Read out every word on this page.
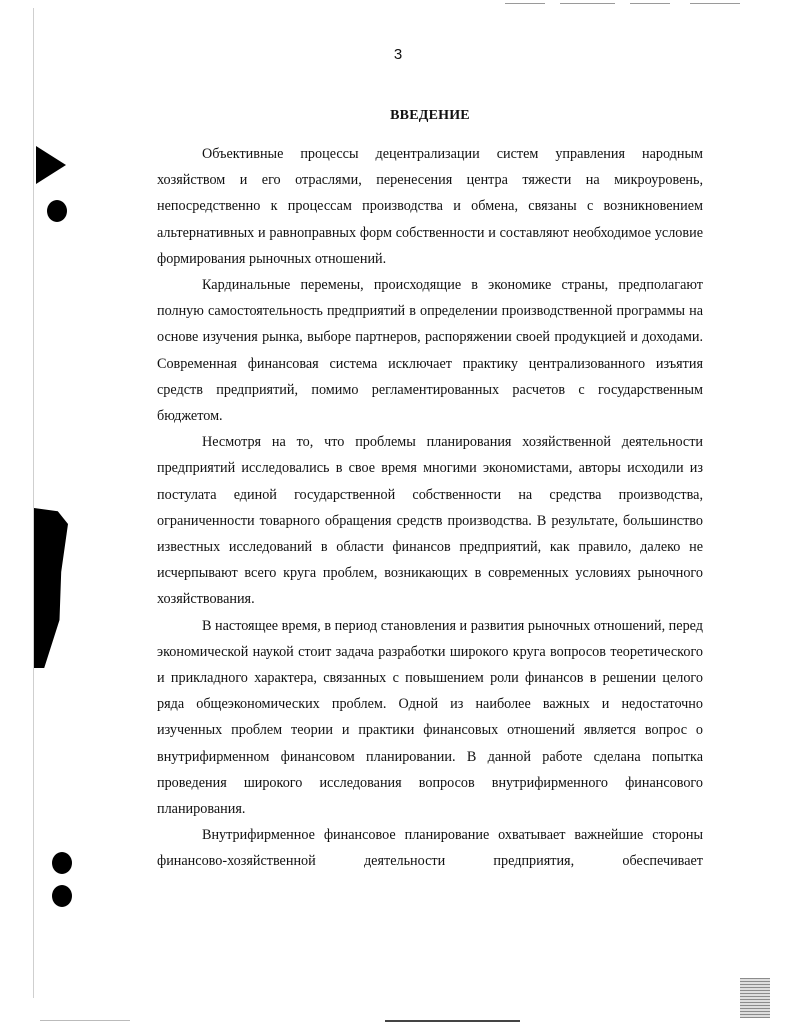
3
ВВЕДЕНИЕ

Объективные процессы децентрализации систем управления народным хозяйством и его отраслями, перенесения центра тяжести на микроуровень, непосредственно к процессам производства и обмена, связаны с возникновением альтернативных и равноправных форм собственности и составляют необходимое условие формирования рыночных отношений.

Кардинальные перемены, происходящие в экономике страны, предполагают полную самостоятельность предприятий в определении производственной программы на основе изучения рынка, выборе партнеров, распоряжении своей продукцией и доходами. Современная финансовая система исключает практику централизованного изъятия средств предприятий, помимо регламентированных расчетов с государственным бюджетом.

Несмотря на то, что проблемы планирования хозяйственной деятельности предприятий исследовались в свое время многими экономистами, авторы исходили из постулата единой государственной собственности на средства производства, ограниченности товарного обращения средств производства. В результате, большинство известных исследований в области финансов предприятий, как правило, далеко не исчерпывают всего круга проблем, возникающих в современных условиях рыночного хозяйствования.

В настоящее время, в период становления и развития рыночных отношений, перед экономической наукой стоит задача разработки широкого круга вопросов теоретического и прикладного характера, связанных с повышением роли финансов в решении целого ряда общеэкономических проблем. Одной из наиболее важных и недостаточно изученных проблем теории и практики финансовых отношений является вопрос о внутрифирменном финансовом планировании. В данной работе сделана попытка проведения широкого исследования вопросов внутрифирменного финансового планирования.

Внутрифирменное финансовое планирование охватывает важнейшие стороны финансово-хозяйственной деятельности предприятия, обеспечивает
